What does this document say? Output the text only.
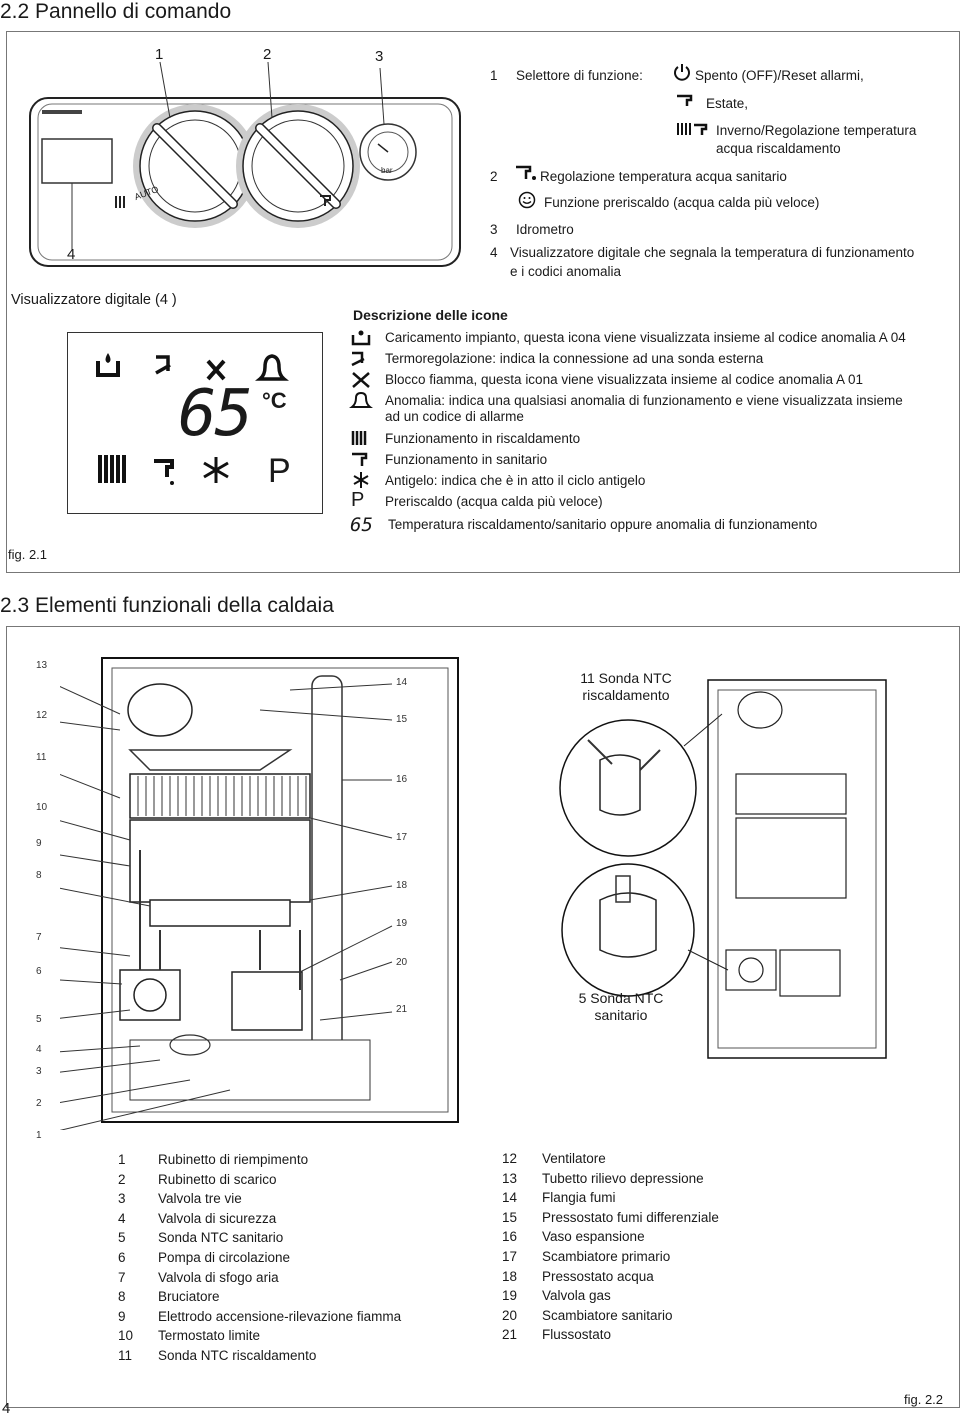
2.2 Pannello di comando
1	2	3
4
AUTO
bar
1 Selettore di funzione:	Spento (OFF)/Reset allarmi,
Estate,
Inverno/Regolazione temperatura
acqua riscaldamento
2	Regolazione temperatura acqua sanitario
Funzione preriscaldo (acqua calda più veloce)
3 Idrometro
4 Visualizzatore digitale che segnala la temperatura di funzionamento
e i codici anomalia
Visualizzatore digitale (4 )
65 °C
P
Descrizione delle icone
Caricamento impianto, questa icona viene visualizzata insieme al codice anomalia A 04
Termoregolazione: indica la connessione ad una sonda esterna
Blocco fiamma, questa icona viene visualizzata insieme al codice anomalia A 01
Anomalia: indica una qualsiasi anomalia di funzionamento e viene visualizzata insieme
ad un codice di allarme
Funzionamento in riscaldamento
Funzionamento in sanitario
Antigelo: indica che è in atto il ciclo antigelo
P Preriscaldo (acqua calda più veloce)
65 Temperatura riscaldamento/sanitario oppure anomalia di funzionamento
fig. 2.1
2.3 Elementi funzionali della caldaia
13
12
11
10
9
8
7
6
5
4
3
2
1
14
15
16
17
18
19
20
21
11 Sonda NTC riscaldamento
5 Sonda NTC sanitario
1 Rubinetto di riempimento
2 Rubinetto di scarico
3 Valvola tre vie
4 Valvola di sicurezza
5 Sonda NTC sanitario
6 Pompa di circolazione
7 Valvola di sfogo aria
8 Bruciatore
9 Elettrodo accensione-rilevazione fiamma
10 Termostato limite
11 Sonda NTC riscaldamento
12 Ventilatore
13 Tubetto rilievo depressione
14 Flangia fumi
15 Pressostato fumi differenziale
16 Vaso espansione
17 Scambiatore primario
18 Pressostato acqua
19 Valvola gas
20 Scambiatore sanitario
21 Flussostato
fig. 2.2
4
